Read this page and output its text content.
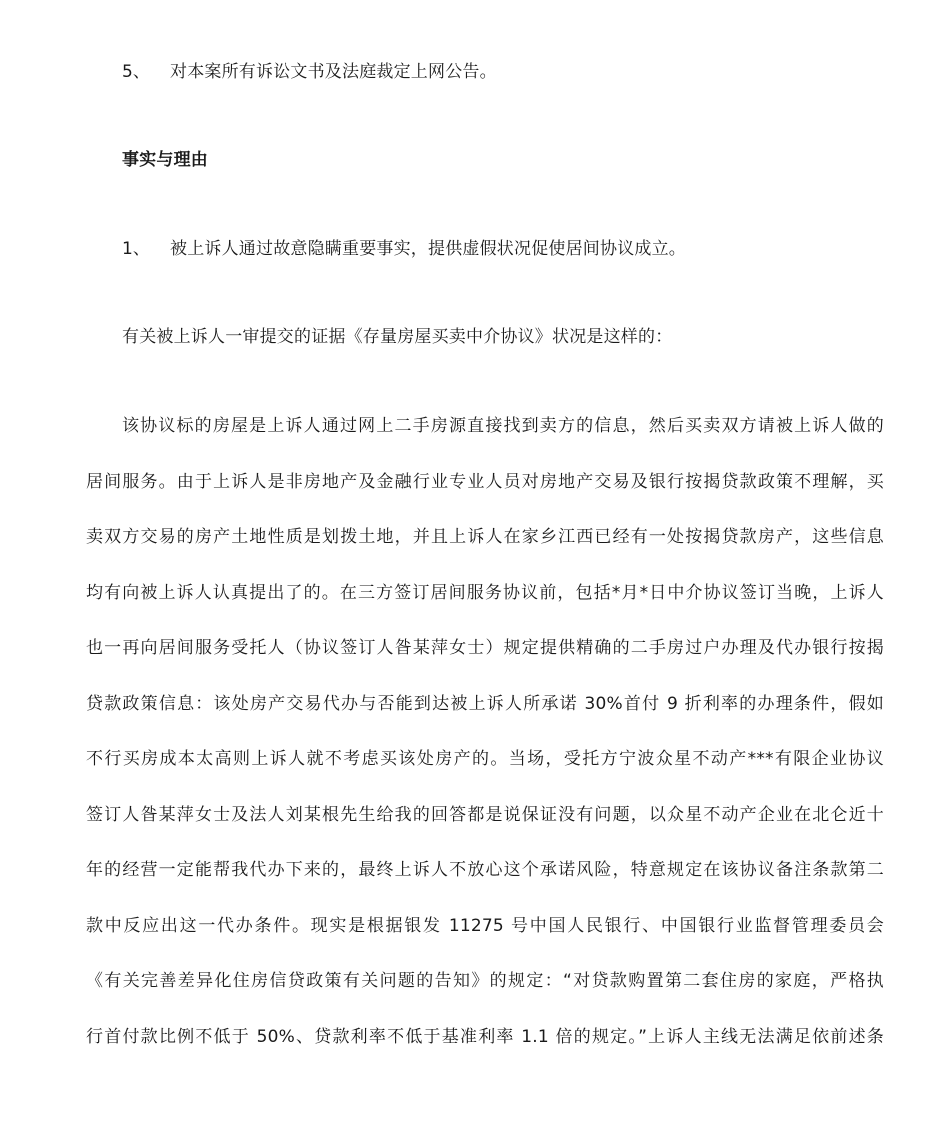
5、 对本案所有诉讼文书及法庭裁定上网公告。
事实与理由
1、 被上诉人通过故意隐瞒重要事实，提供虚假状况促使居间协议成立。
有关被上诉人一审提交的证据《存量房屋买卖中介协议》状况是这样的：
该协议标的房屋是上诉人通过网上二手房源直接找到卖方的信息，然后买卖双方请被上诉人做的
居间服务。由于上诉人是非房地产及金融行业专业人员对房地产交易及银行按揭贷款政策不理解，买
卖双方交易的房产土地性质是划拨土地，并且上诉人在家乡江西已经有一处按揭贷款房产，这些信息
均有向被上诉人认真提出了的。在三方签订居间服务协议前，包括*月*日中介协议签订当晚，上诉人
也一再向居间服务受托人（协议签订人昝某萍女士）规定提供精确的二手房过户办理及代办银行按揭
贷款政策信息：该处房产交易代办与否能到达被上诉人所承诺 30%首付 9 折利率的办理条件，假如
不行买房成本太高则上诉人就不考虑买该处房产的。当场，受托方宁波众星不动产***有限企业协议
签订人昝某萍女士及法人刘某根先生给我的回答都是说保证没有问题，以众星不动产企业在北仑近十
年的经营一定能帮我代办下来的，最终上诉人不放心这个承诺风险，特意规定在该协议备注条款第二
款中反应出这一代办条件。现实是根据银发 11275 号中国人民银行、中国银行业监督管理委员会
《有关完善差异化住房信贷政策有关问题的告知》的规定：“对贷款购置第二套住房的家庭，严格执
行首付款比例不低于 50%、贷款利率不低于基准利率 1.1 倍的规定。”上诉人主线无法满足依前述条
